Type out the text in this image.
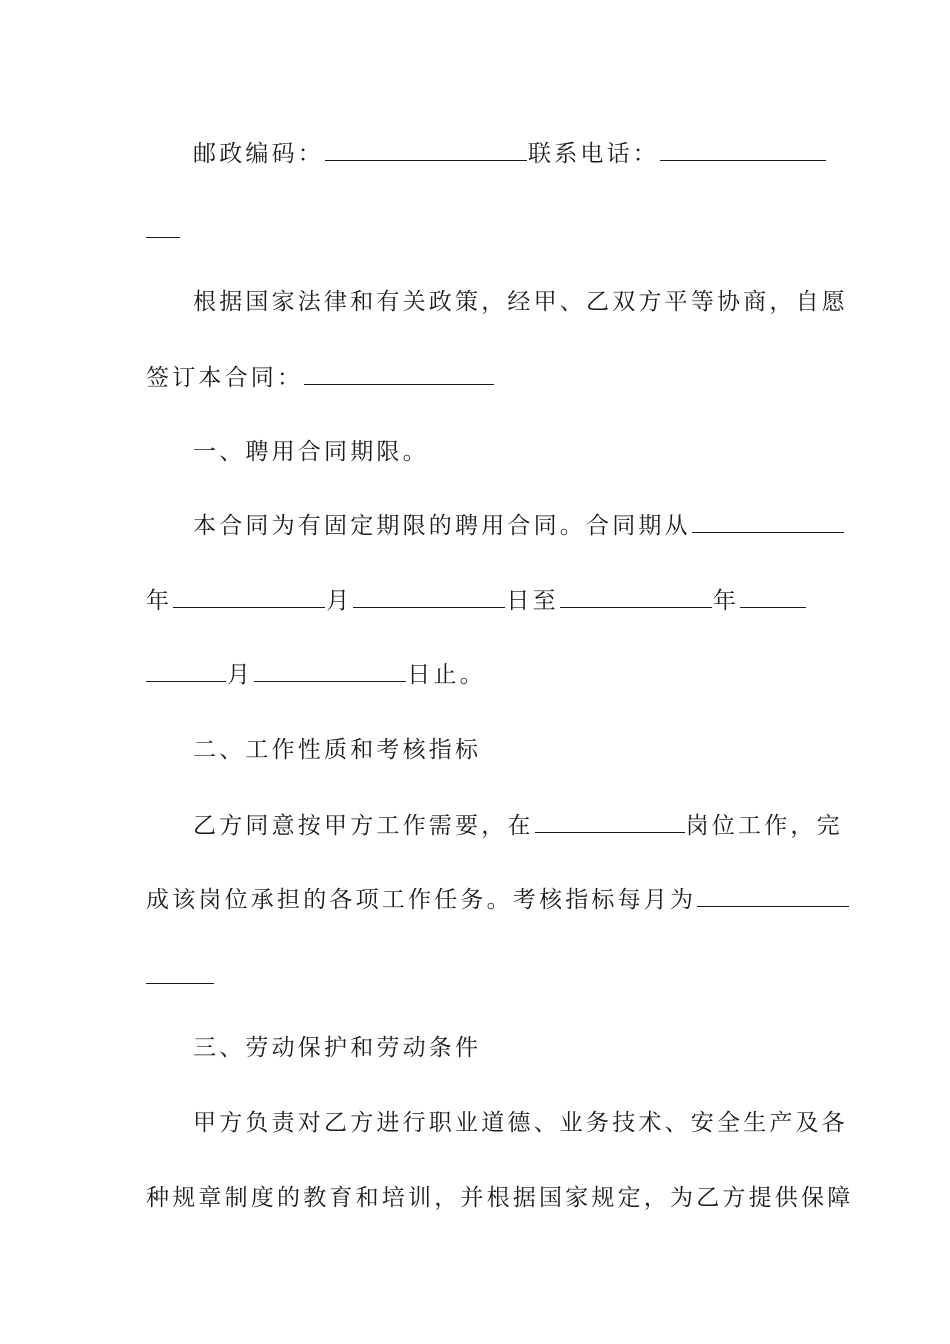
邮政编码：	联系电话：
根据国家法律和有关政策，经甲、乙双方平等协商，自愿
签订本合同：
一、聘用合同期限。
本合同为有固定期限的聘用合同。合同期从
年	月	日至	年
月	日止。
二、工作性质和考核指标
乙方同意按甲方工作需要，在	岗位工作，完
成该岗位承担的各项工作任务。考核指标每月为
三、劳动保护和劳动条件
甲方负责对乙方进行职业道德、业务技术、安全生产及各
种规章制度的教育和培训，并根据国家规定，为乙方提供保障
